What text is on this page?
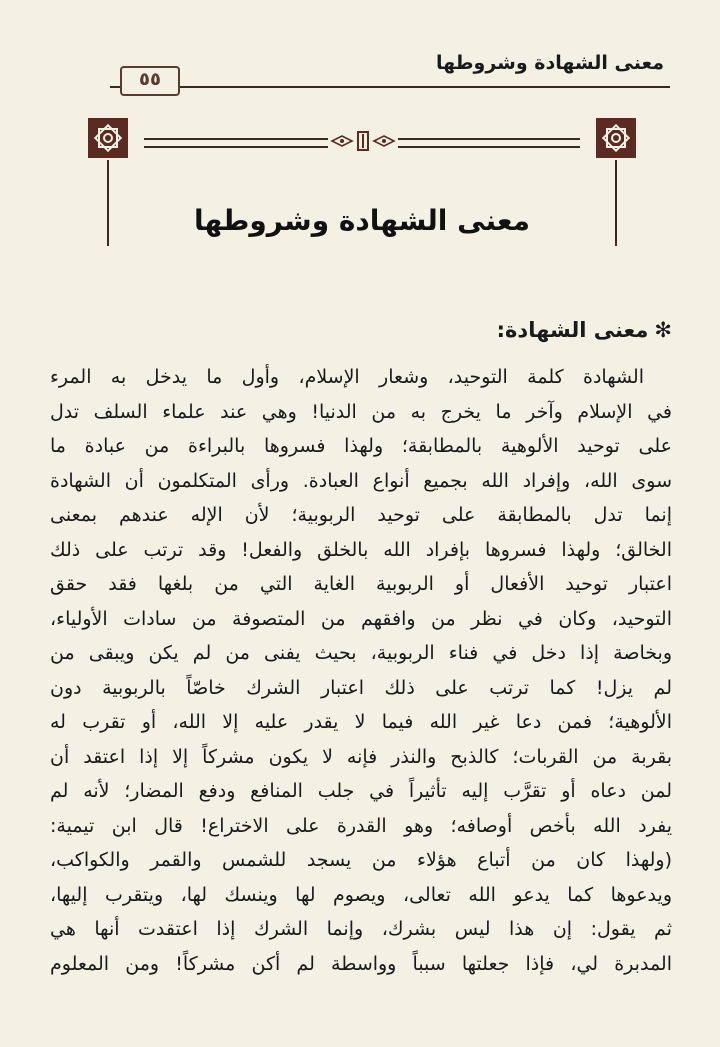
معنى الشهادة وشروطها
٥٥
معنى الشهادة وشروطها
✻معنى الشهادة:
الشهادة كلمة التوحيد، وشعار الإسلام، وأول ما يدخل به المرء
في الإسلام وآخر ما يخرج به من الدنيا! وهي عند علماء السلف تدل
على توحيد الألوهية بالمطابقة؛ ولهذا فسروها بالبراءة من عبادة ما
سوى الله، وإفراد الله بجميع أنواع العبادة. ورأى المتكلمون أن الشهادة
إنما تدل بالمطابقة على توحيد الربوبية؛ لأن الإله عندهم بمعنى
الخالق؛ ولهذا فسروها بإفراد الله بالخلق والفعل! وقد ترتب على ذلك
اعتبار توحيد الأفعال أو الربوبية الغاية التي من بلغها فقد حقق
التوحيد، وكان في نظر من وافقهم من المتصوفة من سادات الأولياء،
وبخاصة إذا دخل في فناء الربوبية، بحيث يفنى من لم يكن ويبقى من
لم يزل! كما ترتب على ذلك اعتبار الشرك خاصّاً بالربوبية دون
الألوهية؛ فمن دعا غير الله فيما لا يقدر عليه إلا الله، أو تقرب له
بقربة من القربات؛ كالذبح والنذر فإنه لا يكون مشركاً إلا إذا اعتقد أن
لمن دعاه أو تقرَّب إليه تأثيراً في جلب المنافع ودفع المضار؛ لأنه لم
يفرد الله بأخص أوصافه؛ وهو القدرة على الاختراع! قال ابن تيمية:
(ولهذا كان من أتباع هؤلاء من يسجد للشمس والقمر والكواكب،
ويدعوها كما يدعو الله تعالى، ويصوم لها وينسك لها، ويتقرب إليها،
ثم يقول: إن هذا ليس بشرك، وإنما الشرك إذا اعتقدت أنها هي
المدبرة لي، فإذا جعلتها سبباً وواسطة لم أكن مشركاً! ومن المعلوم
